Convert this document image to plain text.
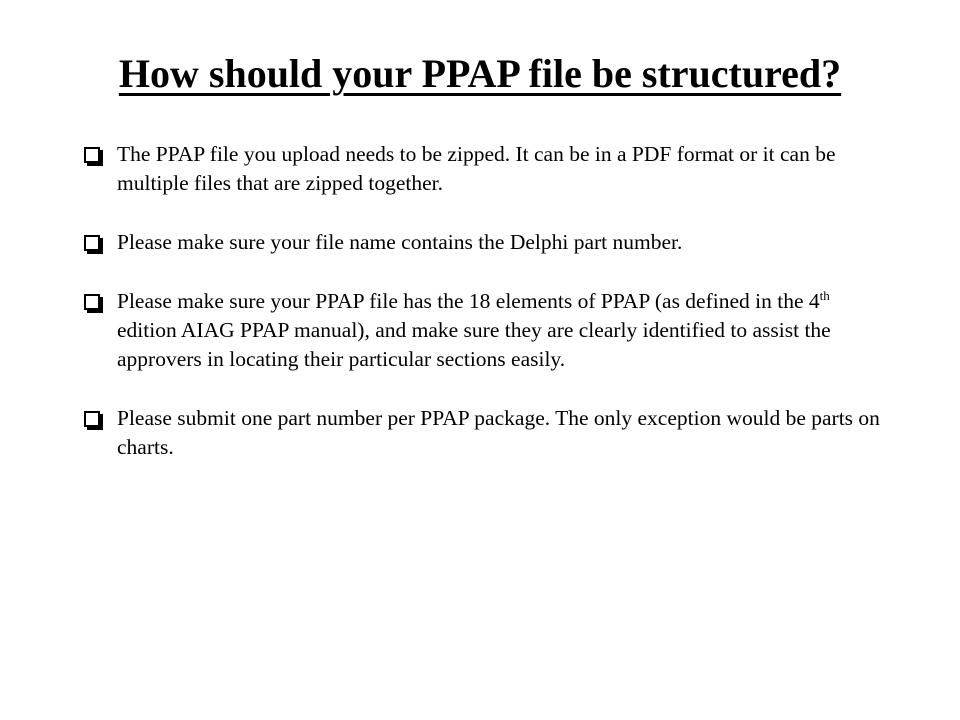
How should your PPAP file be structured?
The PPAP file you upload needs to be zipped. It can be in a PDF format or it can be multiple files that are zipped together.
Please make sure your file name contains the Delphi part number.
Please make sure your PPAP file has the 18 elements of PPAP (as defined in the 4th edition AIAG PPAP manual), and make sure they are clearly identified to assist the approvers in locating their particular sections easily.
Please submit one part number per PPAP package. The only exception would be parts on charts.
